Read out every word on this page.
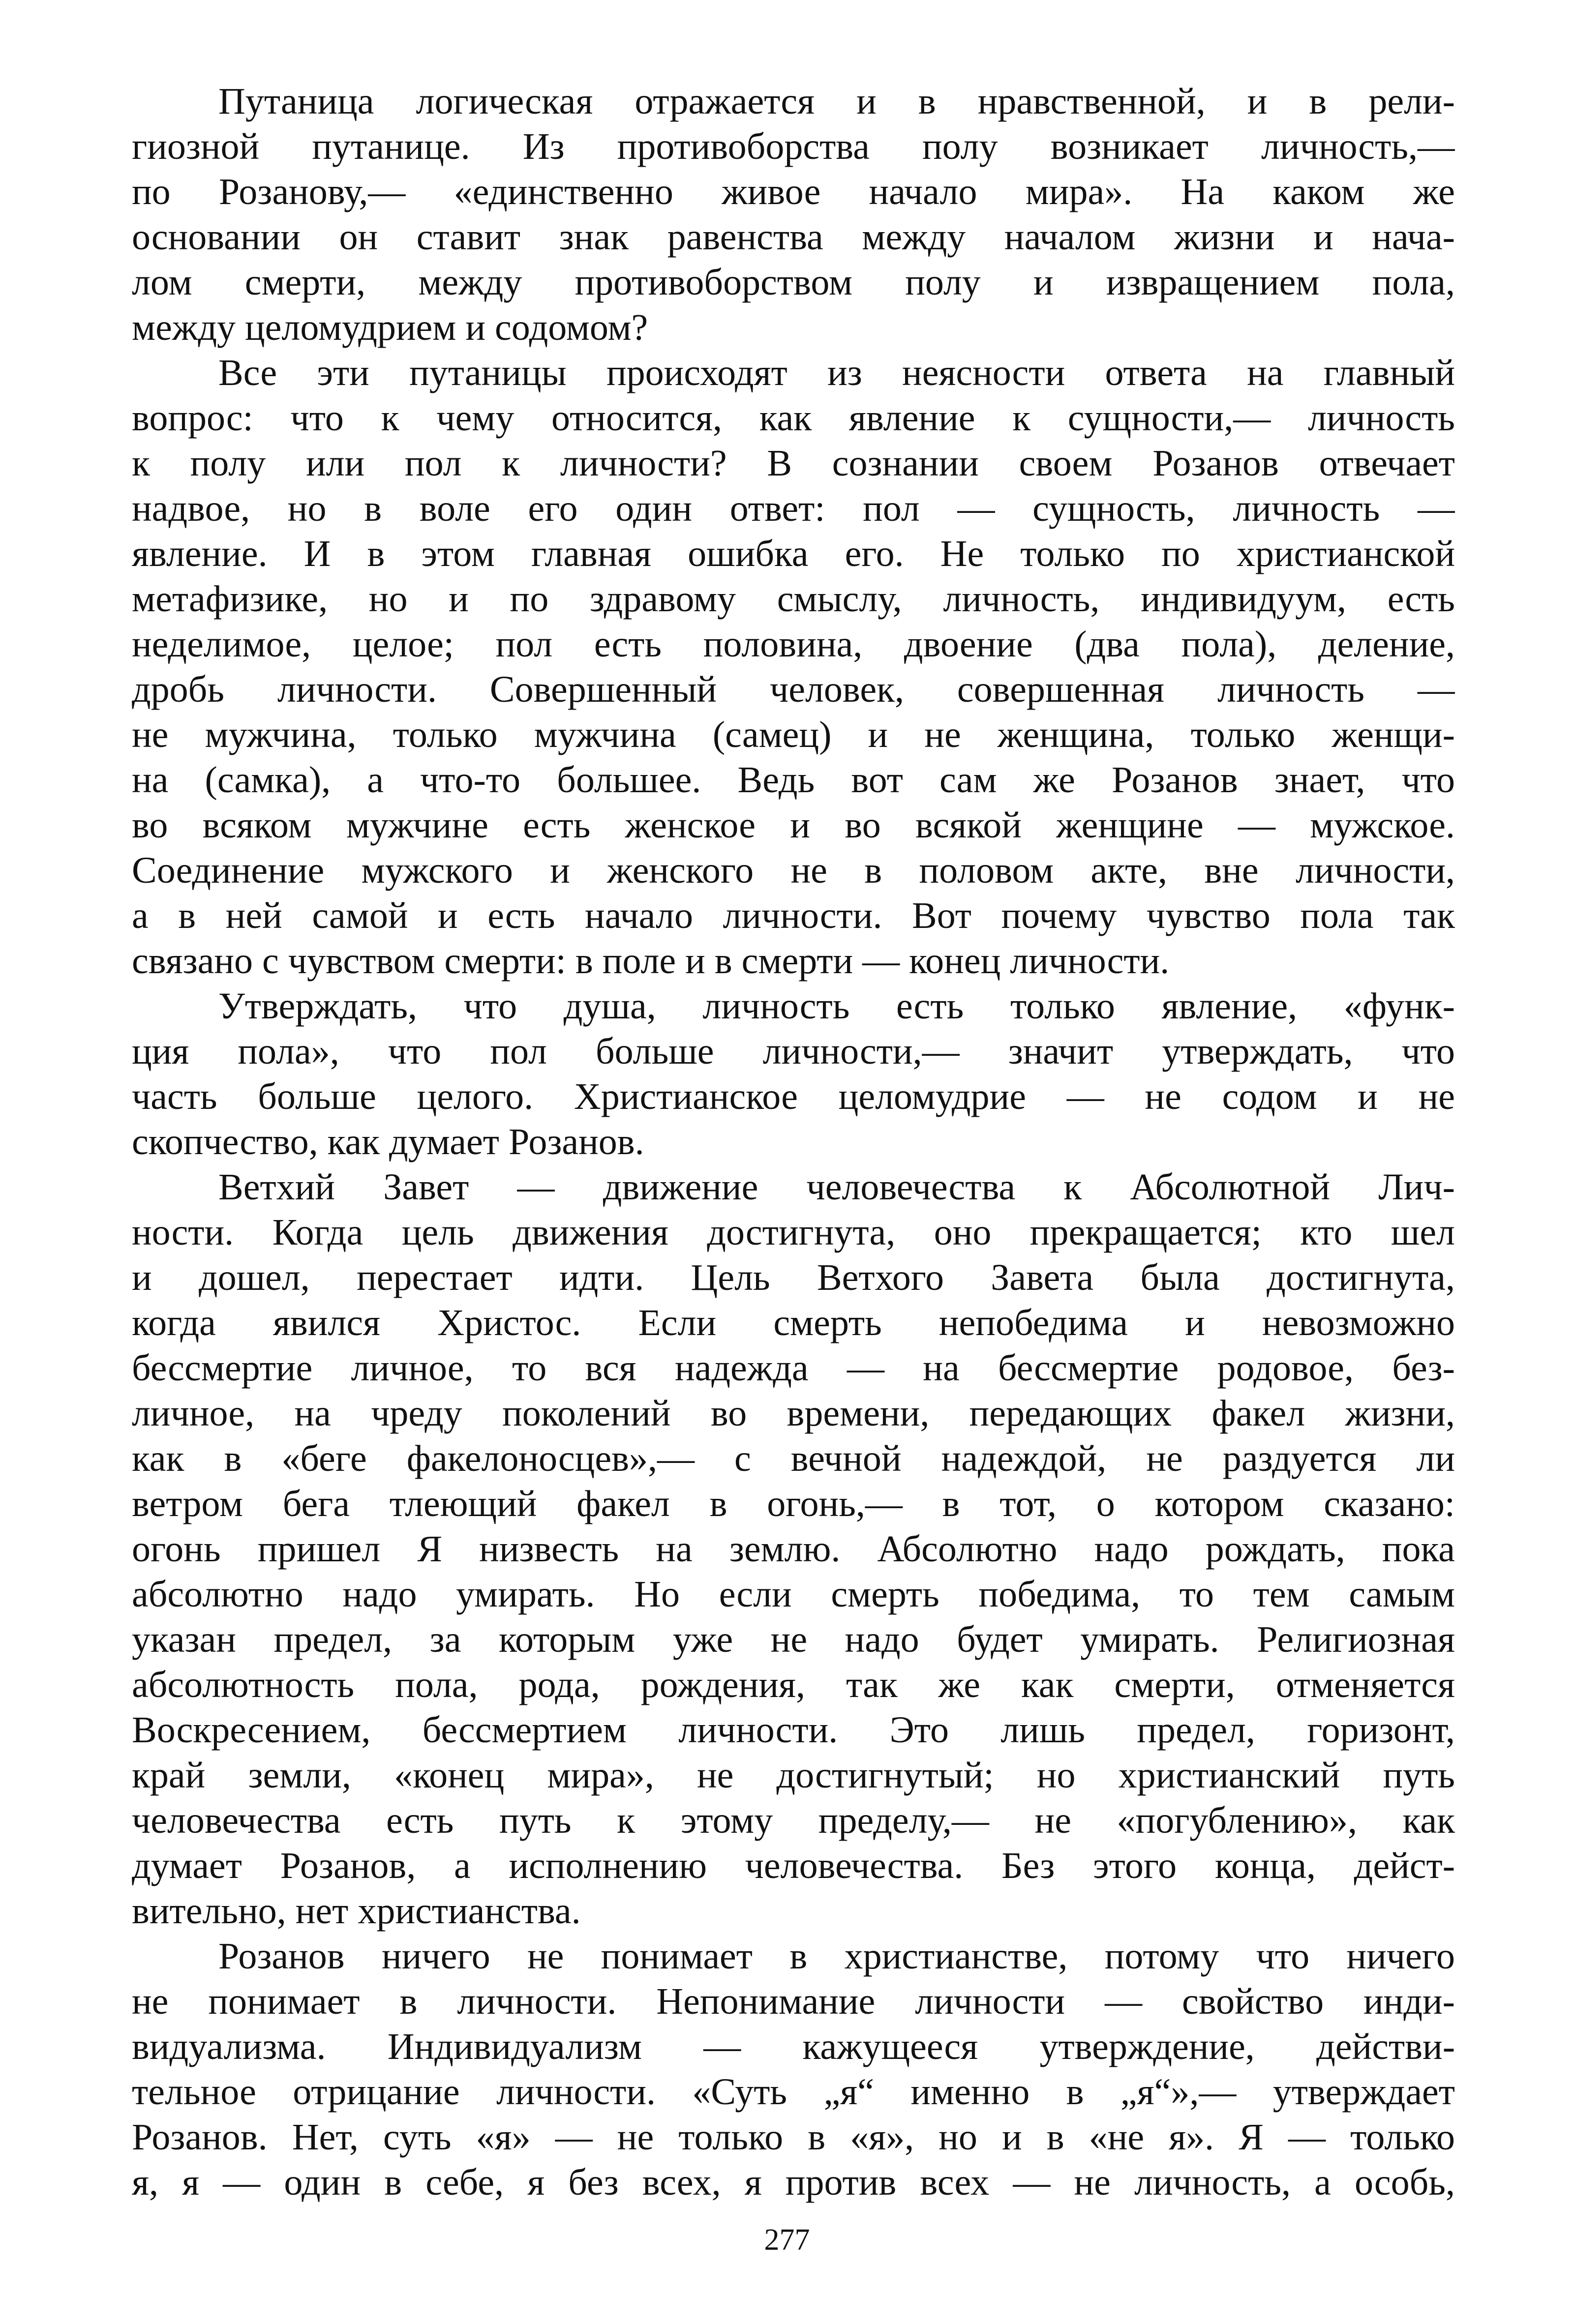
Путаница логическая отражается и в нравственной, и в рели-
гиозной путанице. Из противоборства полу возникает личность,—
по Розанову,— «единственно живое начало мира». На каком же
основании он ставит знак равенства между началом жизни и нача-
лом смерти, между противоборством полу и извращением пола,
между целомудрием и содомом?
Все эти путаницы происходят из неясности ответа на главный
вопрос: что к чему относится, как явление к сущности,— личность
к полу или пол к личности? В сознании своем Розанов отвечает
надвое, но в воле его один ответ: пол — сущность, личность —
явление. И в этом главная ошибка его. Не только по христианской
метафизике, но и по здравому смыслу, личность, индивидуум, есть
неделимое, целое; пол есть половина, двоение (два пола), деление,
дробь личности. Совершенный человек, совершенная личность —
не мужчина, только мужчина (самец) и не женщина, только женщи-
на (самка), а что-то большее. Ведь вот сам же Розанов знает, что
во всяком мужчине есть женское и во всякой женщине — мужское.
Соединение мужского и женского не в половом акте, вне личности,
а в ней самой и есть начало личности. Вот почему чувство пола так
связано с чувством смерти: в поле и в смерти — конец личности.
Утверждать, что душа, личность есть только явление, «функ-
ция пола», что пол больше личности,— значит утверждать, что
часть больше целого. Христианское целомудрие — не содом и не
скопчество, как думает Розанов.
Ветхий Завет — движение человечества к Абсолютной Лич-
ности. Когда цель движения достигнута, оно прекращается; кто шел
и дошел, перестает идти. Цель Ветхого Завета была достигнута,
когда явился Христос. Если смерть непобедима и невозможно
бессмертие личное, то вся надежда — на бессмертие родовое, без-
личное, на чреду поколений во времени, передающих факел жизни,
как в «беге факелоносцев»,— с вечной надеждой, не раздуется ли
ветром бега тлеющий факел в огонь,— в тот, о котором сказано:
огонь пришел Я низвесть на землю. Абсолютно надо рождать, пока
абсолютно надо умирать. Но если смерть победима, то тем самым
указан предел, за которым уже не надо будет умирать. Религиозная
абсолютность пола, рода, рождения, так же как смерти, отменяется
Воскресением, бессмертием личности. Это лишь предел, горизонт,
край земли, «конец мира», не достигнутый; но христианский путь
человечества есть путь к этому пределу,— не «погублению», как
думает Розанов, а исполнению человечества. Без этого конца, дейст-
вительно, нет христианства.
Розанов ничего не понимает в христианстве, потому что ничего
не понимает в личности. Непонимание личности — свойство инди-
видуализма. Индивидуализм — кажущееся утверждение, действи-
тельное отрицание личности. «Суть „я“ именно в „я“»,— утверждает
Розанов. Нет, суть «я» — не только в «я», но и в «не я». Я — только
я, я — один в себе, я без всех, я против всех — не личность, а особь,
277
